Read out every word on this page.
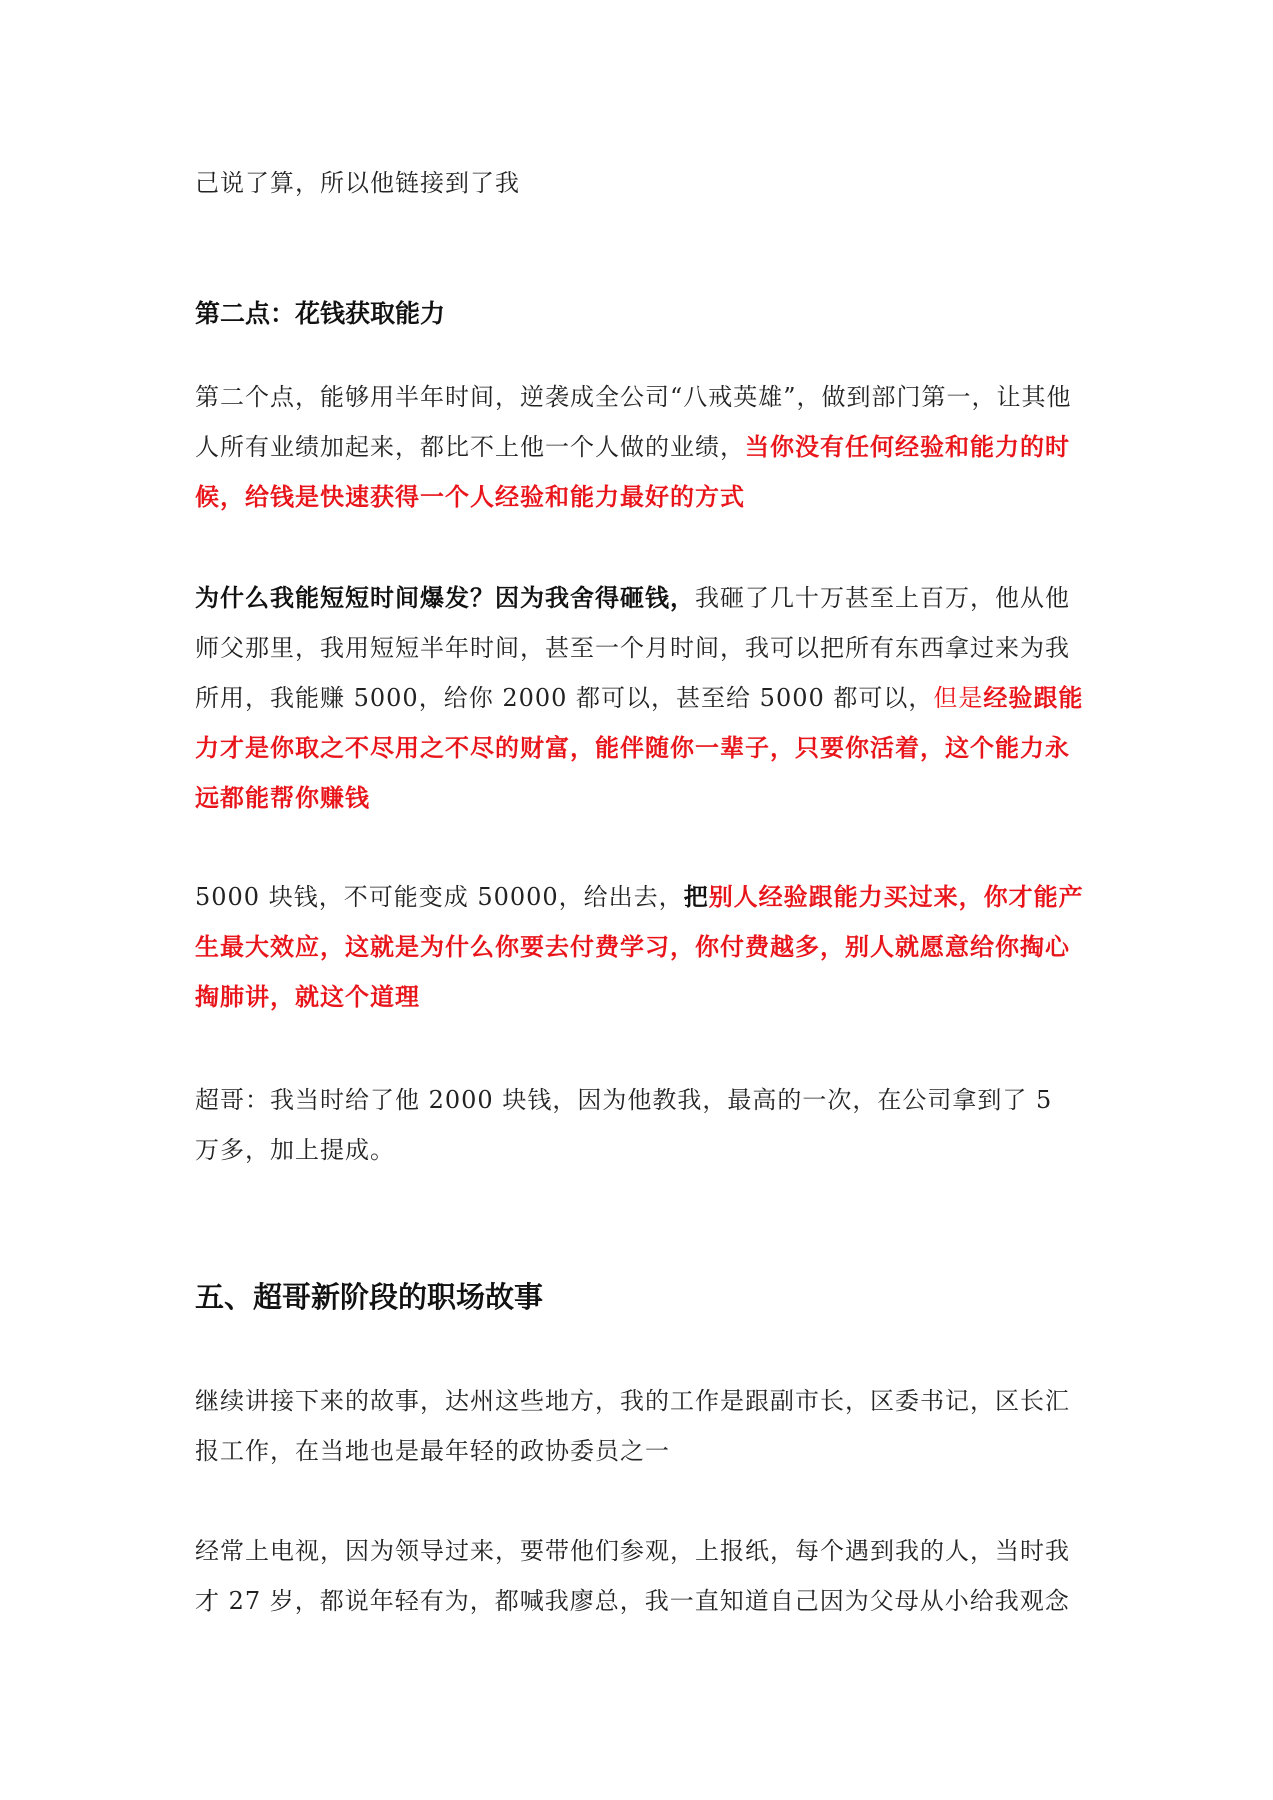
己说了算，所以他链接到了我
第二点：花钱获取能力
第二个点，能够用半年时间，逆袭成全公司“八戒英雄”，做到部门第一，让其他人所有业绩加起来，都比不上他一个人做的业绩，当你没有任何经验和能力的时候，给钱是快速获得一个人经验和能力最好的方式
为什么我能短短时间爆发？因为我舍得砸钱，我砸了几十万甚至上百万，他从他师父那里，我用短短半年时间，甚至一个月时间，我可以把所有东西拿过来为我所用，我能赚 5000，给你 2000 都可以，甚至给 5000 都可以，但是经验跟能力才是你取之不尽用之不尽的财富，能伴随你一辈子，只要你活着，这个能力永远都能帮你赚钱
5000 块钱，不可能变成 50000，给出去，把别人经验跟能力买过来，你才能产生最大效应，这就是为什么你要去付费学习，你付费越多，别人就愿意给你掏心掏肺讲，就这个道理
超哥：我当时给了他 2000 块钱，因为他教我，最高的一次，在公司拿到了 5 万多，加上提成。
五、超哥新阶段的职场故事
继续讲接下来的故事，达州这些地方，我的工作是跟副市长，区委书记，区长汇报工作，在当地也是最年轻的政协委员之一
经常上电视，因为领导过来，要带他们参观，上报纸，每个遇到我的人，当时我才 27 岁，都说年轻有为，都喊我廖总，我一直知道自己因为父母从小给我观念
